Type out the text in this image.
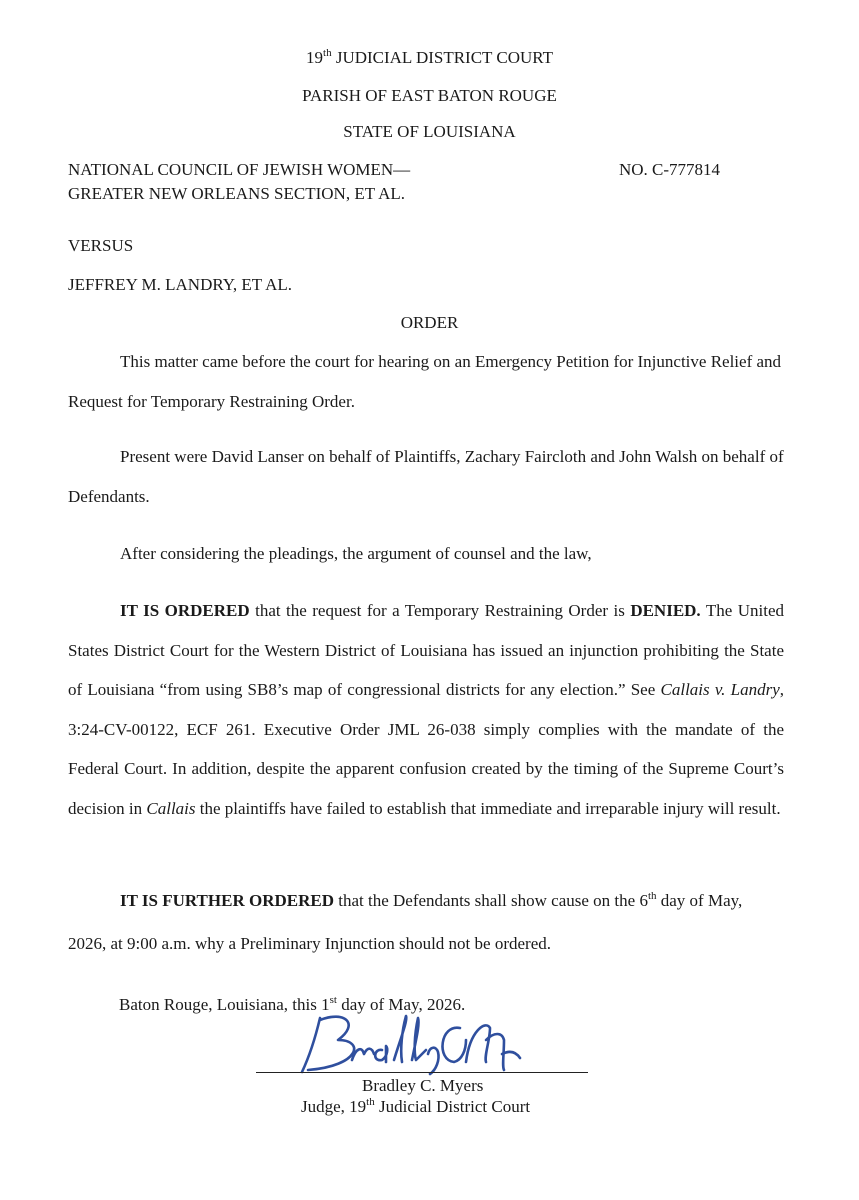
19th JUDICIAL DISTRICT COURT
PARISH OF EAST BATON ROUGE
STATE OF LOUISIANA
NATIONAL COUNCIL OF JEWISH WOMEN—
GREATER NEW ORLEANS SECTION, ET AL.
NO. C-777814
VERSUS
JEFFREY M. LANDRY, ET AL.
ORDER
This matter came before the court for hearing on an Emergency Petition for Injunctive Relief and Request for Temporary Restraining Order.
Present were David Lanser on behalf of Plaintiffs, Zachary Faircloth and John Walsh on behalf of Defendants.
After considering the pleadings, the argument of counsel and the law,
IT IS ORDERED that the request for a Temporary Restraining Order is DENIED. The United States District Court for the Western District of Louisiana has issued an injunction prohibiting the State of Louisiana “from using SB8’s map of congressional districts for any election.” See Callais v. Landry, 3:24-CV-00122, ECF 261. Executive Order JML 26-038 simply complies with the mandate of the Federal Court. In addition, despite the apparent confusion created by the timing of the Supreme Court’s decision in Callais the plaintiffs have failed to establish that immediate and irreparable injury will result.
IT IS FURTHER ORDERED that the Defendants shall show cause on the 6th day of May, 2026, at 9:00 a.m. why a Preliminary Injunction should not be ordered.
Baton Rouge, Louisiana, this 1st day of May, 2026.
Bradley C. Myers
Judge, 19th Judicial District Court
